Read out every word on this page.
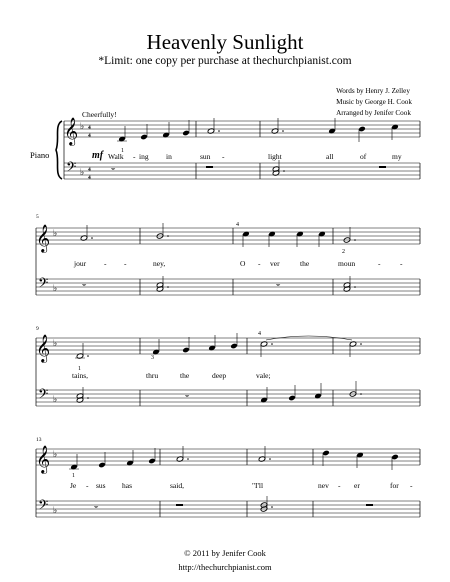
Heavenly Sunlight
*Limit: one copy per purchase at thechurchpianist.com
Words by Henry J. Zelley
Music by George H. Cook
Arranged by Jenifer Cook
Cheerfully!
Piano
𝄞
𝄢
♭
♭
4
4
4
4
mf	1
𝄻
Walk - ing in	sun -	light	all	of	my
5
𝄞
𝄢
♭
♭
4
2
𝄻	𝄻
jour - -	ney,	O - ver	the	moun	-	-
9
𝄞
𝄢
♭
♭
1
3
4
𝄻
tains,	thru	the	deep	vale;
13
𝄞
𝄢
♭
♭
1
𝄻
Je - sus has	said,	"I'll	nev - er	for -
© 2011 by Jenifer Cook
http://thechurchpianist.com
